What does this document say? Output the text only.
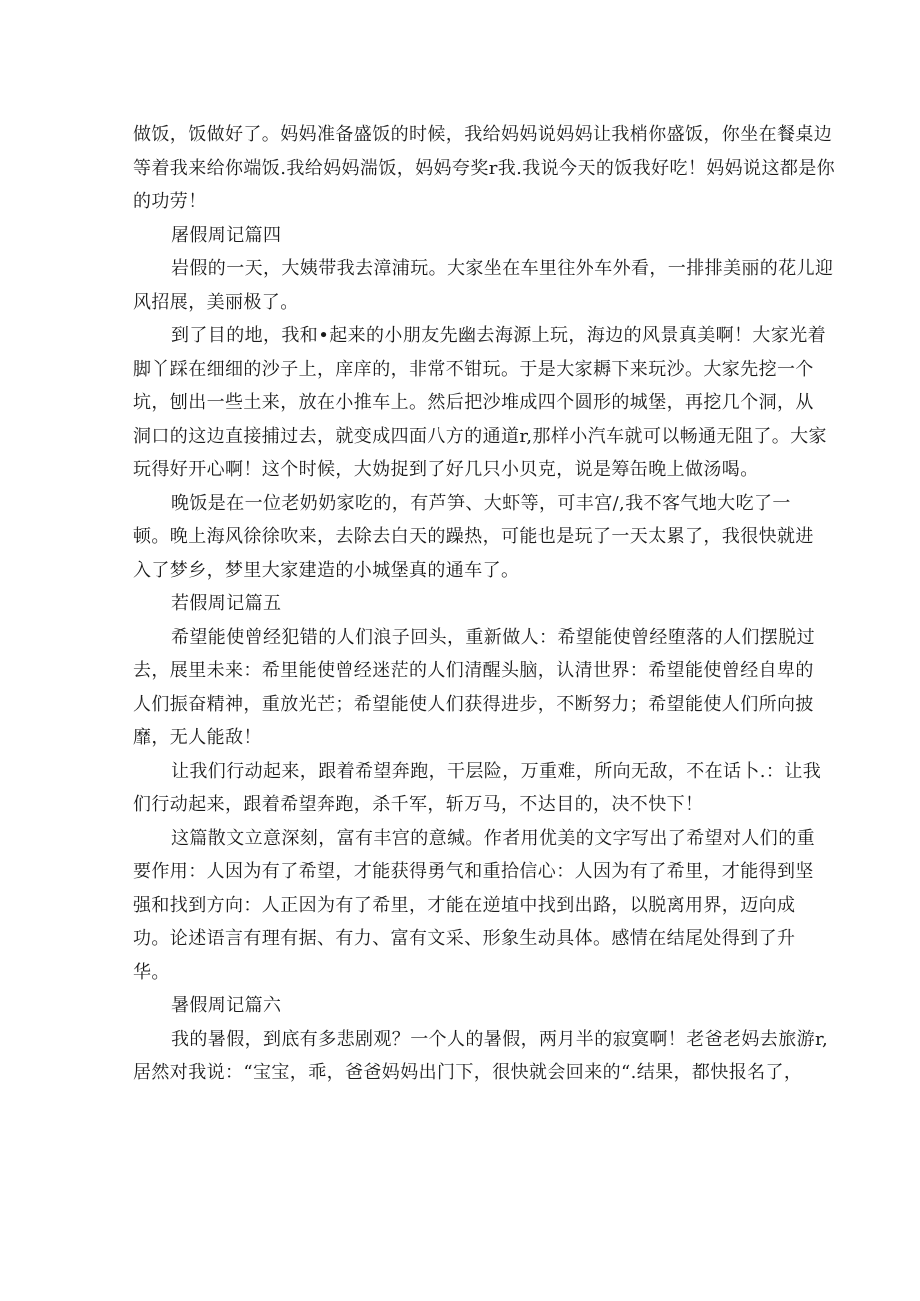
做饭，饭做好了。妈妈准备盛饭的时候，我给妈妈说妈妈让我梢你盛饭，你坐在餐桌边
等着我来给你端饭.我给妈妈湍饭，妈妈夸奖r我.我说今天的饭我好吃！妈妈说这都是你
的功劳！
屠假周记篇四
岩假的一天，大姨带我去漳浦玩。大家坐在车里往外车外看，一排排美丽的花儿迎
风招展，美丽极了。
到了目的地，我和•起来的小朋友先幽去海源上玩，海边的风景真美啊！大家光着
脚丫踩在细细的沙子上，庠庠的，非常不钳玩。于是大家耨下来玩沙。大家先挖一个
坑，刨出一些土来，放在小推车上。然后把沙堆成四个圆形的城堡，再挖几个洞，从
洞口的这边直接捕过去，就变成四面八方的通道r,那样小汽车就可以畅通无阻了。大家
玩得好开心啊！这个时候，大妫捉到了好几只小贝克，说是筹缶晚上做汤喝。
晚饭是在一位老奶奶家吃的，有芦笋、大虾等，可丰宫/,我不客气地大吃了一
顿。晚上海风徐徐吹来，去除去白天的躁热，可能也是玩了一天太累了，我很快就进
入了梦乡，梦里大家建造的小城堡真的通车了。
若假周记篇五
希望能使曾经犯错的人们浪子回头，重新做人：希望能使曾经堕落的人们摆脱过
去，展里未来：希里能使曾经迷茫的人们清醒头脑，认清世界：希望能使曾经自卑的
人们振奋精神，重放光芒；希望能使人们获得进步，不断努力；希望能使人们所向披
靡，无人能敌！
让我们行动起来，跟着希望奔跑，干层险，万重难，所向无敌，不在话卜.：让我
们行动起来，跟着希望奔跑，杀千军，斩万马，不达目的，决不快下！
这篇散文立意深刻，富有丰宫的意缄。作者用优美的文字写出了希望对人们的重
要作用：人因为有了希望，才能获得勇气和重拾信心：人因为有了希里，才能得到坚
强和找到方向：人正因为有了希里，才能在逆埴中找到出路，以脱离用界，迈向成
功。论述语言有理有据、有力、富有文采、形象生动具体。感情在结尾处得到了升
华。
暑假周记篇六
我的暑假，到底有多悲剧观？一个人的暑假，两月半的寂寞啊！老爸老妈去旅游r,
居然对我说：“宝宝，乖，爸爸妈妈出门下，很快就会回来的“.结果，都快报名了，
